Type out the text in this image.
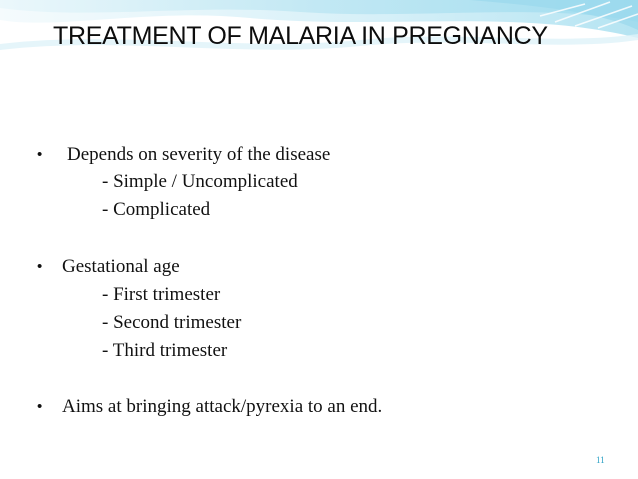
TREATMENT OF MALARIA IN PREGNANCY
• Depends on severity of the disease
- Simple / Uncomplicated
- Complicated
• Gestational age
- First trimester
- Second trimester
- Third trimester
• Aims at bringing attack/pyrexia to an end.
11
